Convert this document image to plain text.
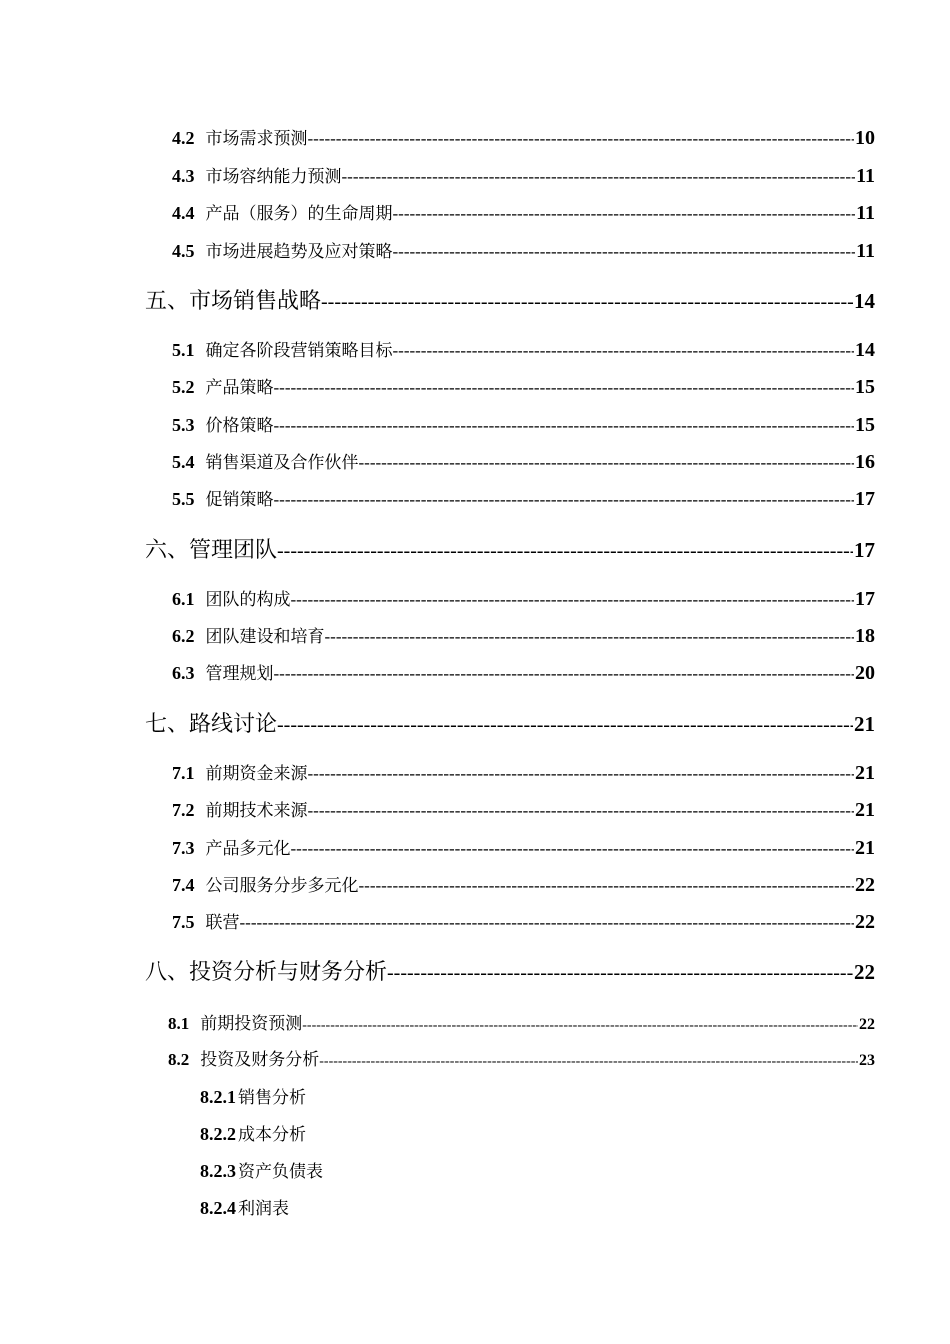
4.2 市场需求预测 -----	10
4.3 市场容纳能力预测 -----	11
4.4 产品（服务）的生命周期 -----	11
4.5 市场进展趋势及应对策略 -----	11
五、市场销售战略 -----	14
5.1 确定各阶段营销策略目标 -----	14
5.2 产品策略 -----	15
5.3 价格策略 -----	15
5.4 销售渠道及合作伙伴 -----	16
5.5 促销策略 -----	17
六、管理团队 -----	17
6.1 团队的构成 -----	17
6.2 团队建设和培育 -----	18
6.3 管理规划 -----	20
七、路线讨论 -----	21
7.1 前期资金来源 -----	21
7.2 前期技术来源 -----	21
7.3 产品多元化 -----	21
7.4 公司服务分步多元化 -----	22
7.5 联营 -----	22
八、投资分析与财务分析 -----	22
8.1 前期投资预测 -----	22
8.2 投资及财务分析 -----	23
8.2.1 销售分析
8.2.2 成本分析
8.2.3 资产负债表
8.2.4 利润表
